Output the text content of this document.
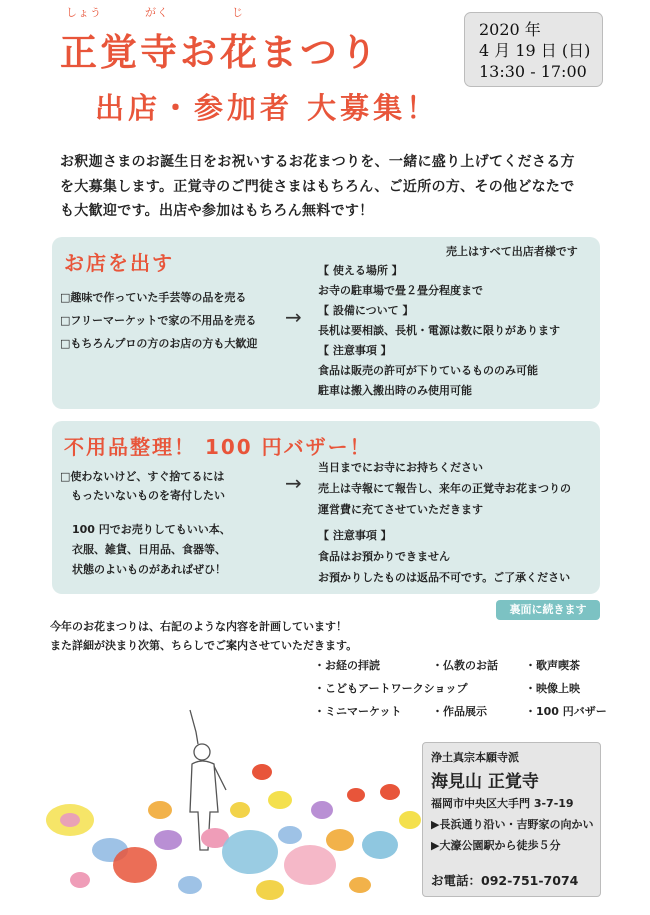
しょう	がく	じ
正覚寺お花まつり
出店・参加者 大募集！
2020 年
4 月 19 日 (日)
13:30 - 17:00
お釈迦さまのお誕生日をお祝いするお花まつりを、一緒に盛り上げてくださる方
を大募集します。正覚寺のご門徒さまはもちろん、ご近所の方、その他どなたで
も大歓迎です。出店や参加はもちろん無料です！
お店を出す	売上はすべて出店者様です
□趣味で作っていた手芸等の品を売る
□フリーマーケットで家の不用品を売る
□もちろんプロの方のお店の方も大歓迎
→
【 使える場所 】
お寺の駐車場で畳２畳分程度まで
【 設備について 】
長机は要相談、長机・電源は数に限りがあります
【 注意事項 】
食品は販売の許可が下りているもののみ可能
駐車は搬入搬出時のみ使用可能
不用品整理！ 100 円バザー！
□使わないけど、すぐ捨てるには
　もったいないものを寄付したい
100 円でお売りしてもいい本、
衣服、雑貨、日用品、食器等、
状態のよいものがあればぜひ！
→
当日までにお寺にお持ちください
売上は寺報にて報告し、来年の正覚寺お花まつりの
運営費に充てさせていただきます
【 注意事項 】
食品はお預かりできません
お預かりしたものは返品不可です。ご了承ください
裏面に続きます
今年のお花まつりは、右記のような内容を計画しています！
また詳細が決まり次第、ちらしでご案内させていただきます。
・お経の拝読	・仏教のお話 ・歌声喫茶
・こどもアートワークショップ	・映像上映
・ミニマーケット	・作品展示	・100 円バザー
浄土真宗本願寺派
海見山 正覚寺
福岡市中央区大手門 3-7-19
▶長浜通り沿い・吉野家の向かい
▶大濠公園駅から徒歩５分
お電話：092-751-7074
